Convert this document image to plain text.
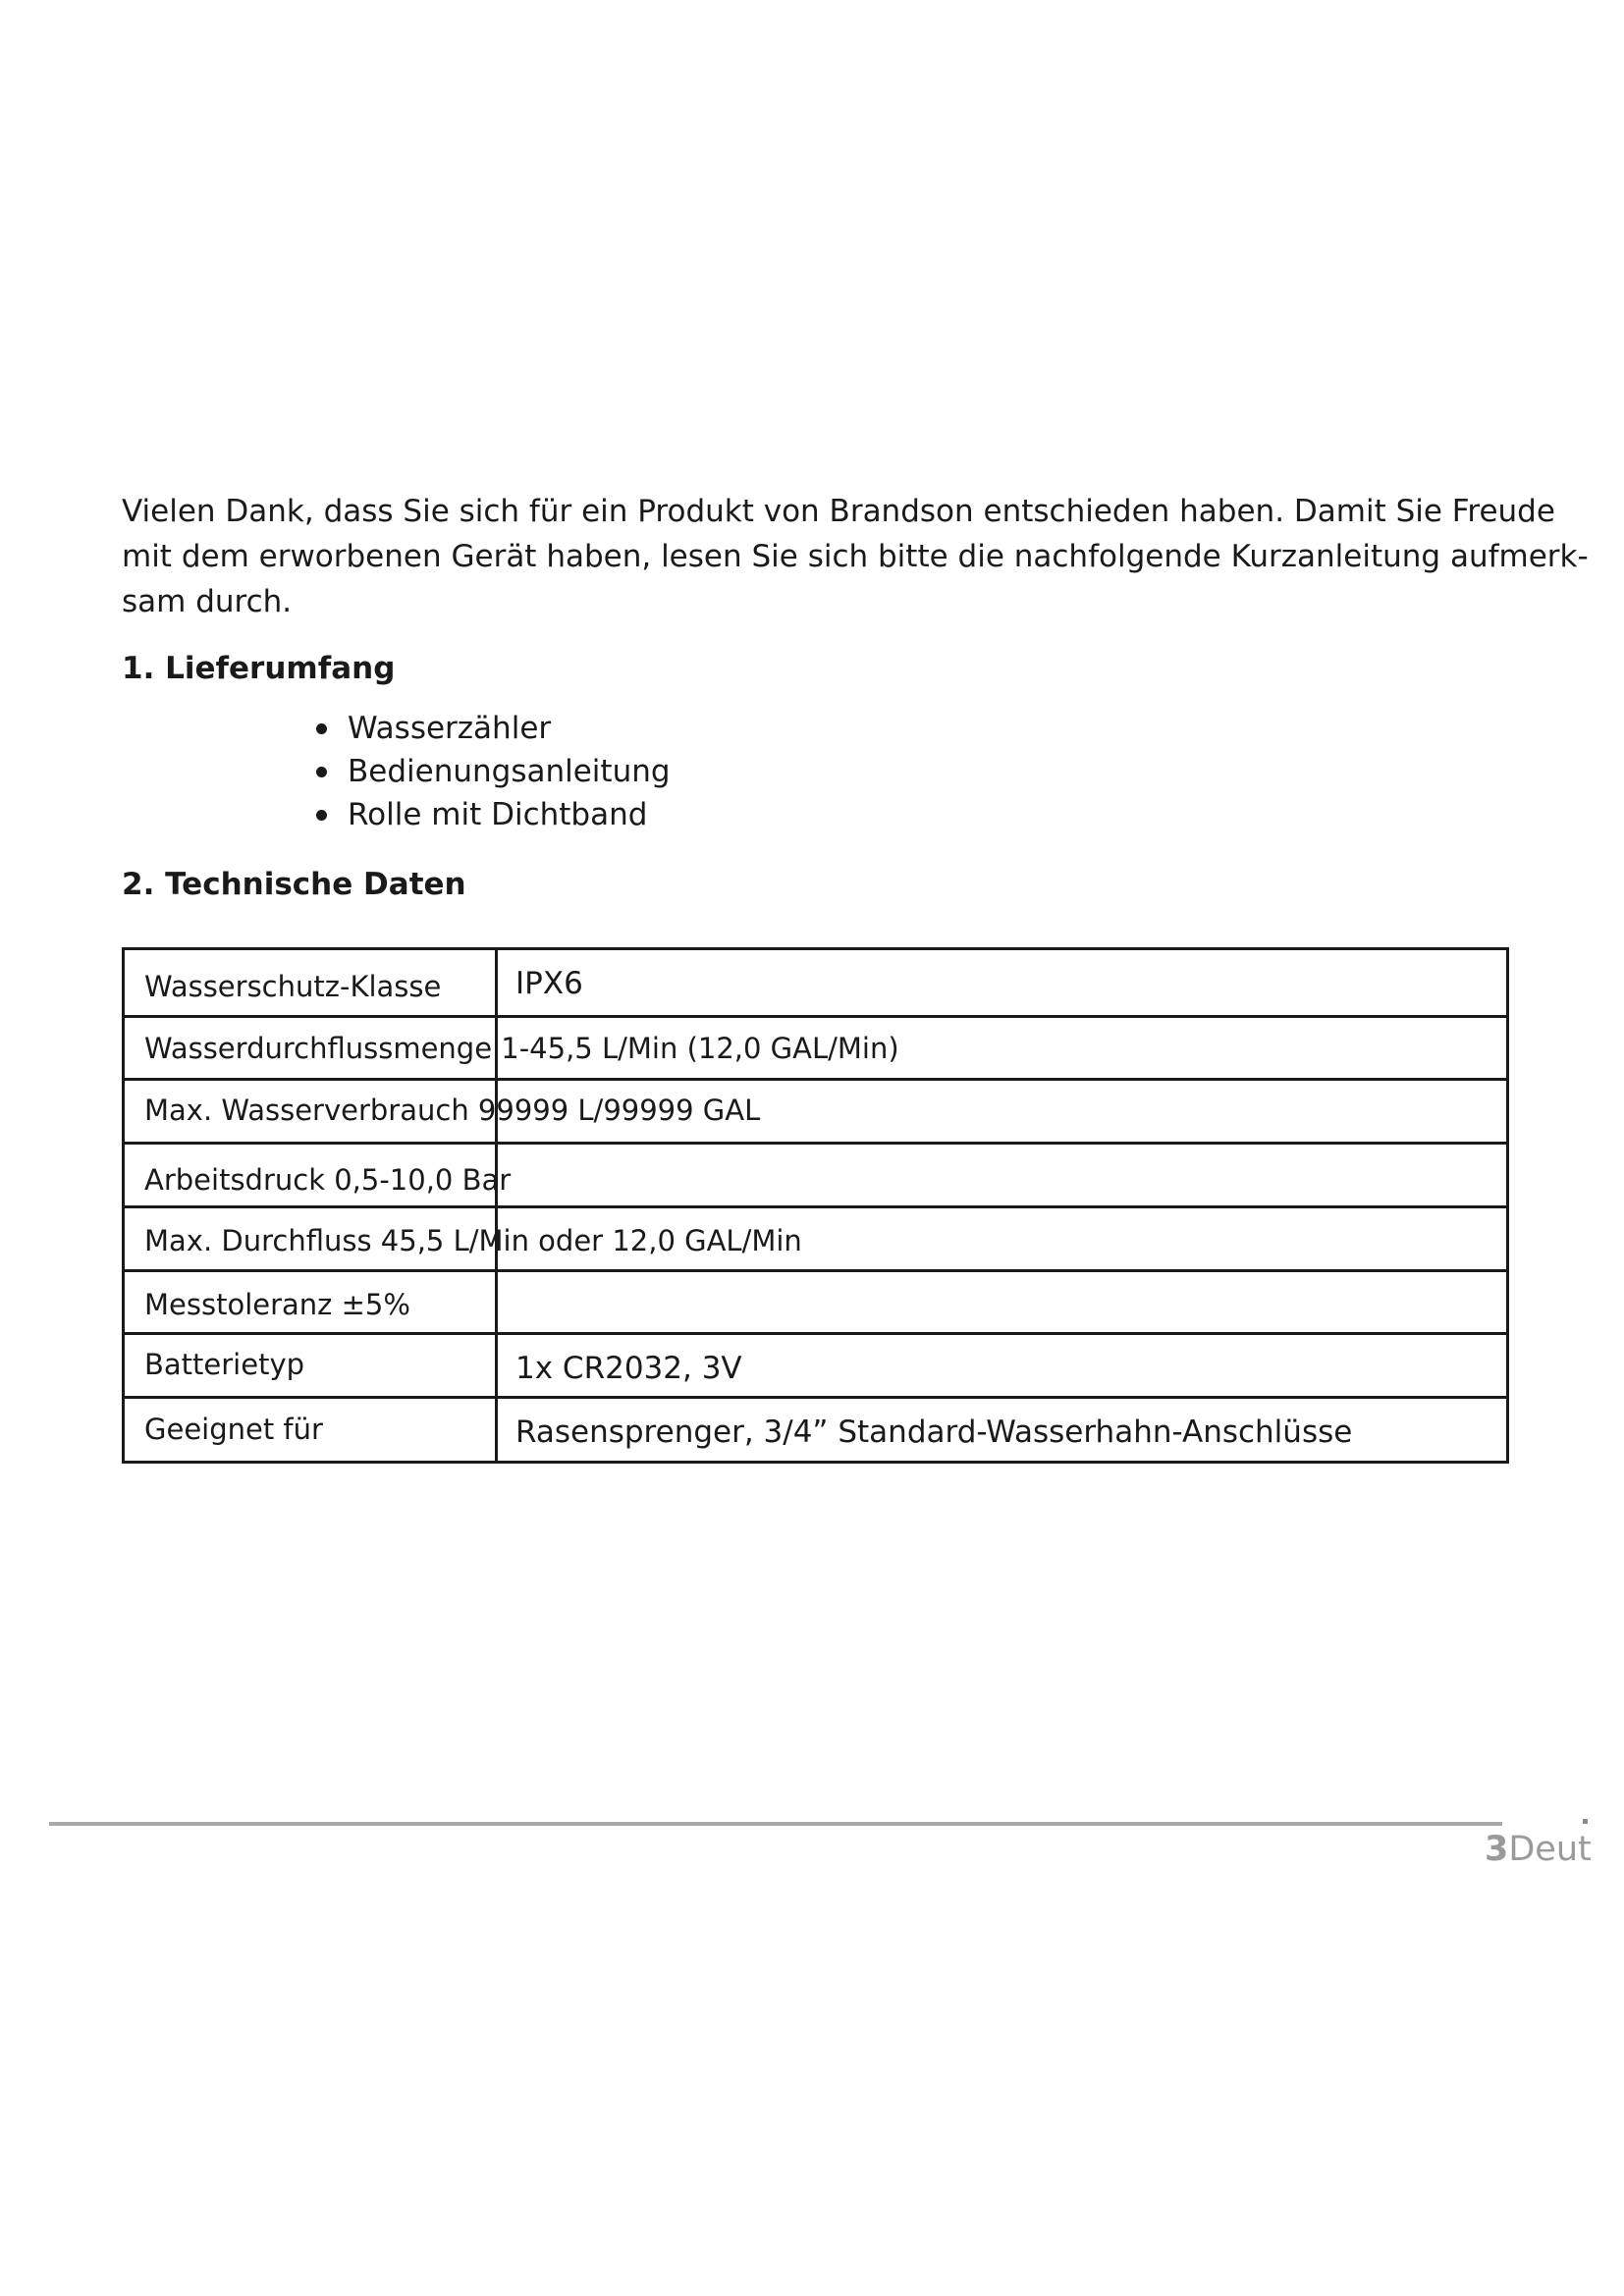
Vielen Dank, dass Sie sich für ein Produkt von Brandson entschieden haben. Damit Sie Freude

mit dem erworbenen Gerät haben, lesen Sie sich bitte die nachfolgende Kurzanleitung aufmerk-

sam durch.

1. Lieferumfang
Wasserzähler
Bedienungsanleitung
Rolle mit Dichtband
2. Technische Daten
Wasserschutz-Klasse IPX6
Wasserdurchflussmenge 1-45,5 L/Min (12,0 GAL/Min)
Max. Wasserverbrauch 99999 L/99999 GAL
Arbeitsdruck 0,5-10,0 Bar
Max. Durchfluss 45,5 L/Min oder 12,0 GAL/Min
Messtoleranz ±5%
Batterietyp	1x CR2032, 3V
Geeignet für	Rasensprenger, 3/4” Standard-Wasserhahn-Anschlüsse
3Deut
